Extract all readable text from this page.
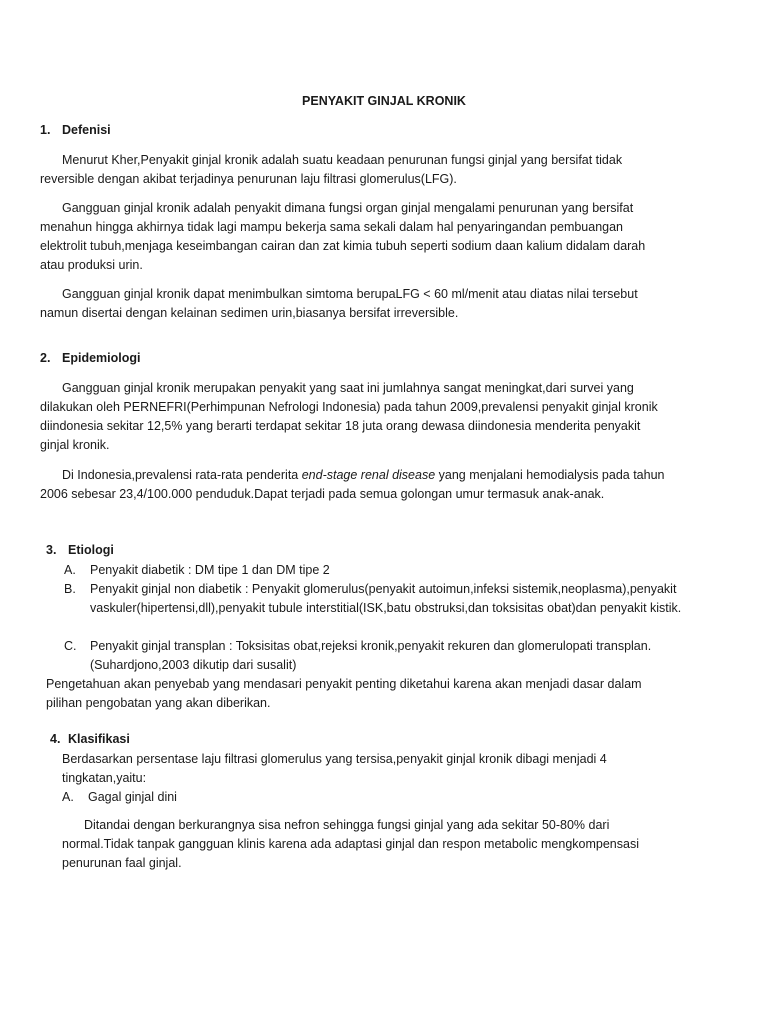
PENYAKIT GINJAL KRONIK
1. Defenisi
Menurut Kher,Penyakit ginjal kronik adalah suatu keadaan penurunan fungsi ginjal yang bersifat tidak reversible dengan akibat terjadinya penurunan laju filtrasi glomerulus(LFG).
Gangguan ginjal kronik adalah penyakit dimana fungsi organ ginjal mengalami penurunan yang bersifat menahun hingga akhirnya tidak lagi mampu bekerja sama sekali dalam hal penyaringandan pembuangan elektrolit tubuh,menjaga keseimbangan cairan dan zat kimia tubuh seperti sodium daan kalium didalam darah atau produksi urin.
Gangguan ginjal kronik dapat menimbulkan simtoma berupaLFG < 60 ml/menit atau diatas nilai tersebut namun disertai dengan kelainan sedimen urin,biasanya bersifat irreversible.
2. Epidemiologi
Gangguan ginjal kronik merupakan penyakit yang saat ini jumlahnya sangat meningkat,dari survei yang dilakukan oleh PERNEFRI(Perhimpunan Nefrologi Indonesia) pada tahun 2009,prevalensi penyakit ginjal kronik diindonesia sekitar 12,5% yang berarti terdapat sekitar 18 juta orang dewasa diindonesia menderita penyakit ginjal kronik.
Di Indonesia,prevalensi rata-rata penderita end-stage renal disease yang menjalani hemodialysis pada tahun 2006 sebesar 23,4/100.000 penduduk.Dapat terjadi pada semua golongan umur termasuk anak-anak.
3. Etiologi
A. Penyakit diabetik : DM tipe 1 dan DM tipe 2
B. Penyakit ginjal non diabetik : Penyakit glomerulus(penyakit autoimun,infeksi sistemik,neoplasma),penyakit vaskuler(hipertensi,dll),penyakit tubule interstitial(ISK,batu obstruksi,dan toksisitas obat)dan penyakit kistik.
C. Penyakit ginjal transplan : Toksisitas obat,rejeksi kronik,penyakit rekuren dan glomerulopati transplan.(Suhardjono,2003 dikutip dari susalit)
Pengetahuan akan penyebab yang mendasari penyakit penting diketahui karena akan menjadi dasar dalam pilihan pengobatan yang akan diberikan.
4. Klasifikasi
Berdasarkan persentase laju filtrasi glomerulus yang tersisa,penyakit ginjal kronik dibagi menjadi 4 tingkatan,yaitu:
A. Gagal ginjal dini
Ditandai dengan berkurangnya sisa nefron sehingga fungsi ginjal yang ada sekitar 50-80% dari normal.Tidak tanpak gangguan klinis karena ada adaptasi ginjal dan respon metabolic mengkompensasi penurunan faal ginjal.
